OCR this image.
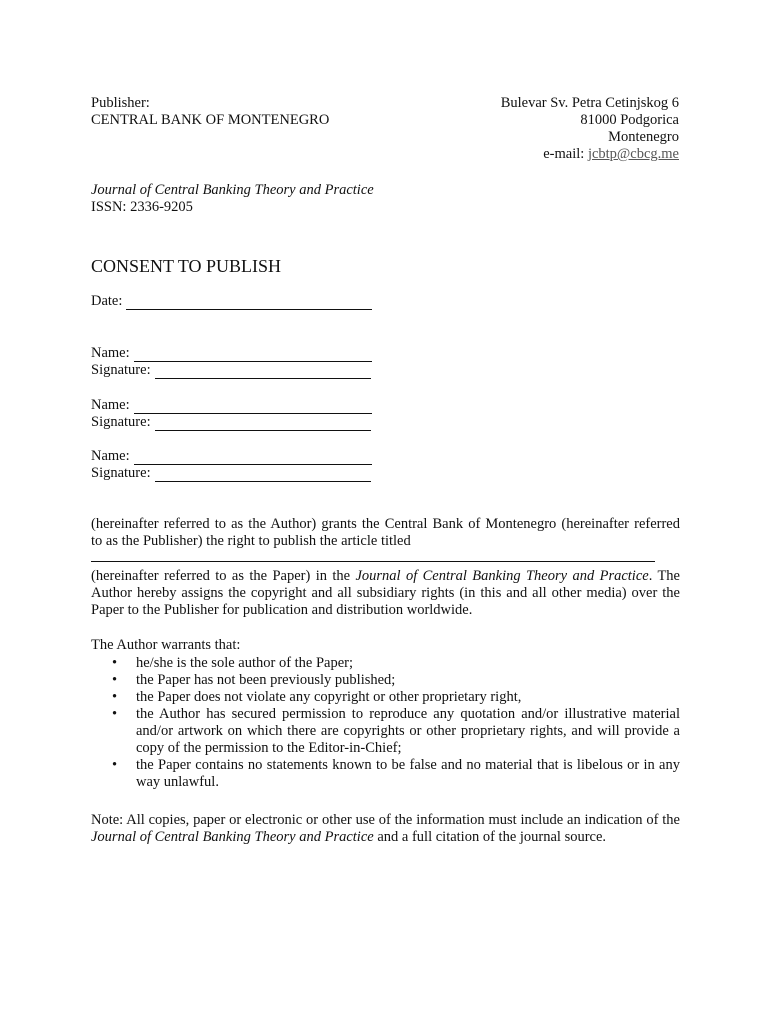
Publisher:
CENTRAL BANK OF MONTENEGRO
Bulevar Sv. Petra Cetinjskog 6
81000 Podgorica
Montenegro
e-mail: jcbtp@cbcg.me
Journal of Central Banking Theory and Practice
ISSN: 2336-9205
CONSENT TO PUBLISH
Date:
Name:
Signature:
Name:
Signature:
Name:
Signature:
(hereinafter referred to as the Author) grants the Central Bank of Montenegro (hereinafter referred
to as the Publisher) the right to publish the article titled
(hereinafter referred to as the Paper) in the Journal of Central Banking Theory and Practice. The
Author hereby assigns the copyright and all subsidiary rights (in this and all other media) over the
Paper to the Publisher for publication and distribution worldwide.
The Author warrants that:
•	he/she is the sole author of the Paper;
•	the Paper has not been previously published;
•	the Paper does not violate any copyright or other proprietary right,
•	the Author has secured permission to reproduce any quotation and/or illustrative material and/or artwork on which there are copyrights or other proprietary rights, and will provide a copy of the permission to the Editor-in-Chief;
•	the Paper contains no statements known to be false and no material that is libelous or in any way unlawful.
Note: All copies, paper or electronic or other use of the information must include an indication of the
Journal of Central Banking Theory and Practice and a full citation of the journal source.
